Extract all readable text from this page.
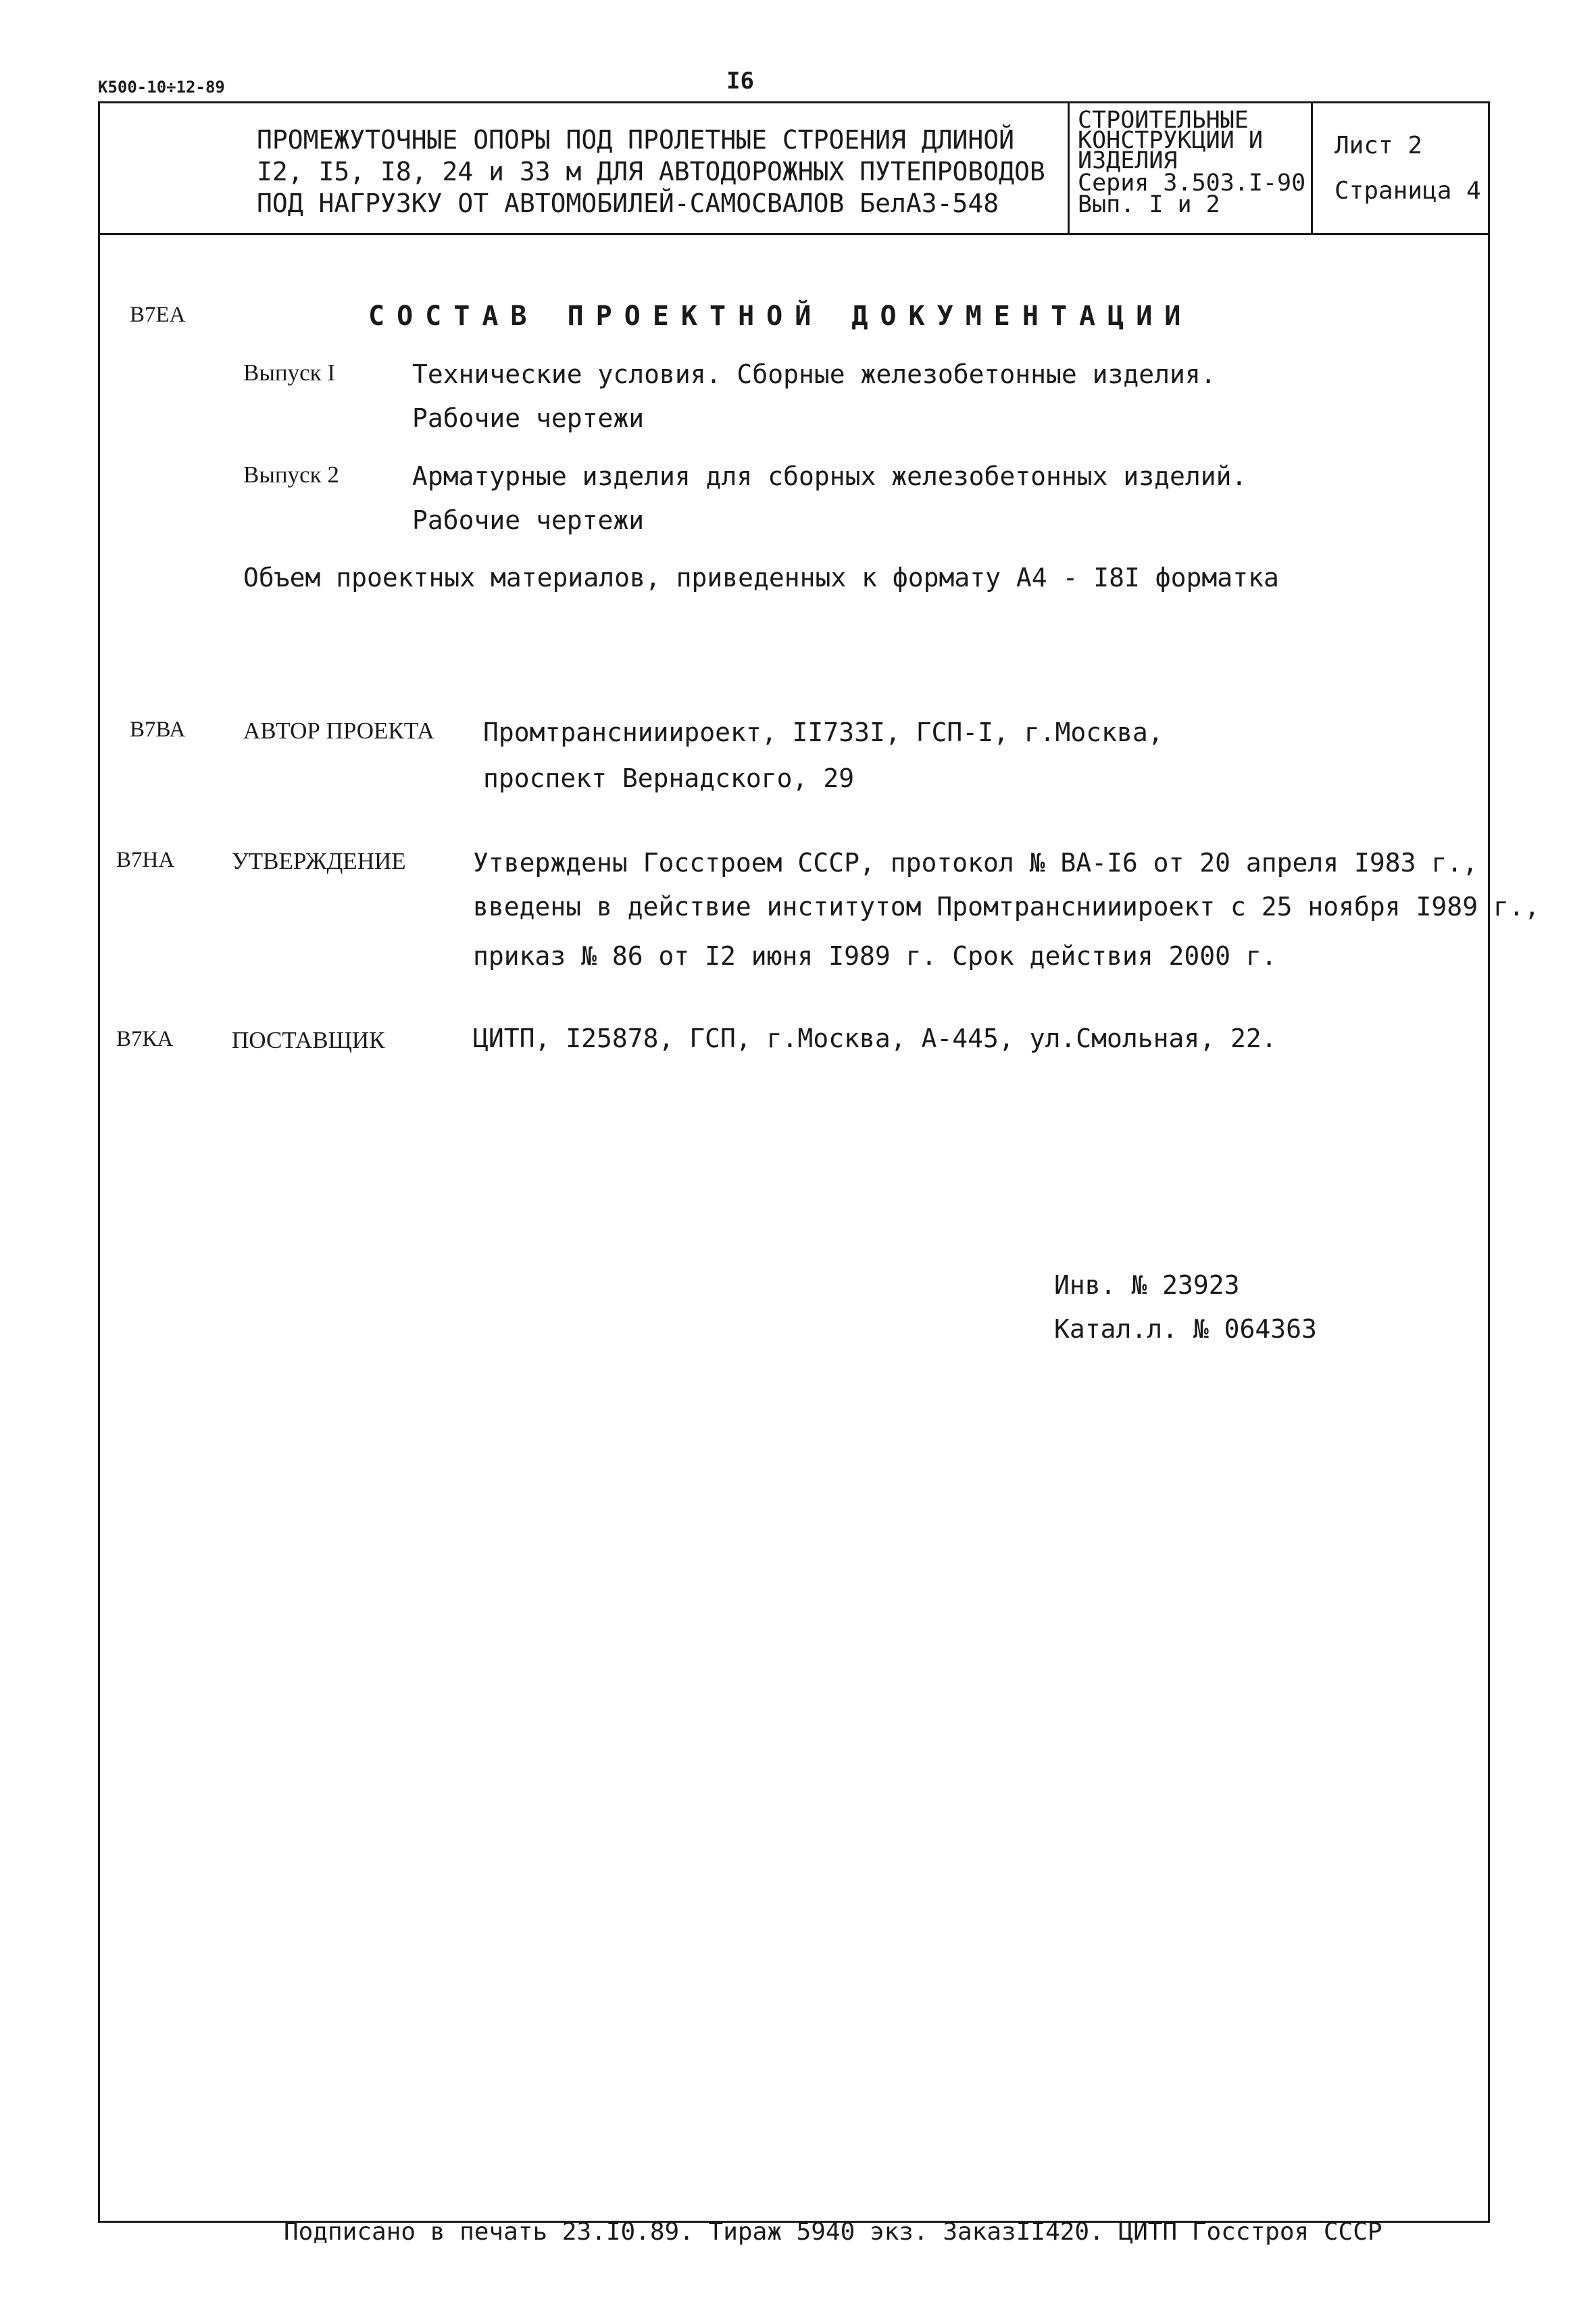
К500-10÷12-89	I6
ПРОМЕЖУТОЧНЫЕ ОПОРЫ ПОД ПРОЛЕТНЫЕ СТРОЕНИЯ ДЛИНОЙ
I2, I5, I8, 24 и 33 м ДЛЯ АВТОДОРОЖНЫХ ПУТЕПРОВОДОВ
ПОД НАГРУЗКУ ОТ АВТОМОБИЛЕЙ-САМОСВАЛОВ БелАЗ-548
СТРОИТЕЛЬНЫЕ
КОНСТРУКЦИИ И
ИЗДЕЛИЯ
Серия 3.503.I-90
Вып. I и 2
Лист 2
Страница 4
В7ЕА	СОСТАВ ПРОЕКТНОЙ ДОКУМЕНТАЦИИ
Выпуск I	Технические условия. Сборные железобетонные изделия.
Рабочие чертежи
Выпуск 2	Арматурные изделия для сборных железобетонных изделий.
Рабочие чертежи
Объем проектных материалов, приведенных к формату А4 - I8I форматка
В7ВА АВТОР ПРОЕКТА Промтранснииироект, II733I, ГСП-I, г.Москва,
проспект Вернадского, 29
В7НА УТВЕРЖДЕНИЕ	Утверждены Госстроем СССР, протокол № ВА-I6 от 20 апреля I983 г.,
введены в действие институтом Промтранснииироект с 25 ноября I989 г.,
приказ № 86 от I2 июня I989 г. Срок действия 2000 г.
В7КА ПОСТАВЩИК	ЦИТП, I25878, ГСП, г.Москва, А-445, ул.Смольная, 22.
Инв. № 23923
Катал.л. № 064363
Подписано в печать 23.I0.89. Тираж 5940 экз. ЗаказII420. ЦИТП Госстроя СССР
